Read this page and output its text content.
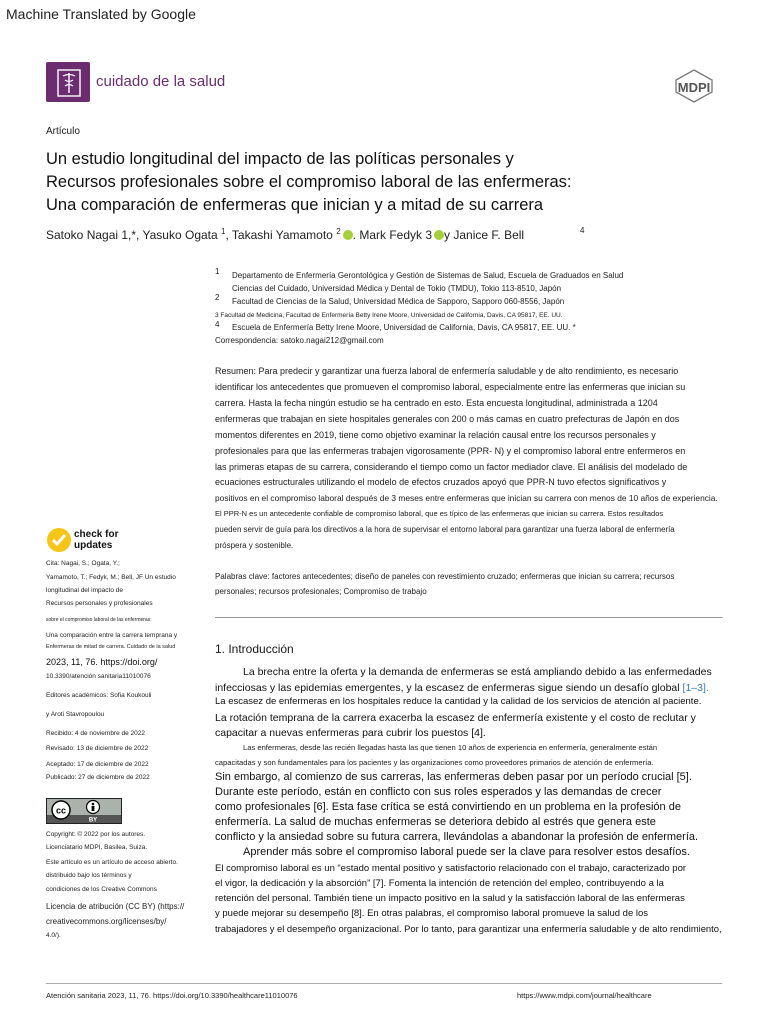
Machine Translated by Google
cuidado de la salud	MDPI
Artículo
Un estudio longitudinal del impacto de las políticas personales y
Recursos profesionales sobre el compromiso laboral de las enfermeras:
Una comparación de enfermeras que inician y a mitad de su carrera
Satoko Nagai 1,*, Yasuko Ogata $^1$, Takashi Yamamoto $^2$ . Mark Fedyk 3 y Janice F. Bell	4
1 Departamento de Enfermería Gerontológica y Gestión de Sistemas de Salud, Escuela de Graduados en Salud
Ciencias del Cuidado, Universidad Médica y Dental de Tokio (TMDU), Tokio 113-8510, Japón
2 Facultad de Ciencias de la Salud, Universidad Médica de Sapporo, Sapporo 060-8556, Japón
3 Facultad de Medicina, Facultad de Enfermería Betty Irene Moore, Universidad de California, Davis, CA 95817, EE. UU.
4 Escuela de Enfermería Betty Irene Moore, Universidad de California, Davis, CA 95817, EE. UU. *
Correspondencia: satoko.nagai212@gmail.com
Resumen: Para predecir y garantizar una fuerza laboral de enfermería saludable y de alto rendimiento, es necesario
identificar los antecedentes que promueven el compromiso laboral, especialmente entre las enfermeras que inician su
carrera. Hasta la fecha ningún estudio se ha centrado en esto. Esta encuesta longitudinal, administrada a 1204
enfermeras que trabajan en siete hospitales generales con 200 o más camas en cuatro prefecturas de Japón en dos
momentos diferentes en 2019, tiene como objetivo examinar la relación causal entre los recursos personales y
profesionales para que las enfermeras trabajen vigorosamente (PPR- N) y el compromiso laboral entre enfermeros en
las primeras etapas de su carrera, considerando el tiempo como un factor mediador clave. El análisis del modelado de
ecuaciones estructurales utilizando el modelo de efectos cruzados apoyó que PPR-N tuvo efectos significativos y
positivos en el compromiso laboral después de 3 meses entre enfermeras que inician su carrera con menos de 10 años de experiencia.
El PPR-N es un antecedente confiable de compromiso laboral, que es típico de las enfermeras que inician su carrera. Estos resultados
pueden servir de guía para los directivos a la hora de supervisar el entorno laboral para garantizar una fuerza laboral de enfermería
próspera y sostenible.
Palabras clave: factores antecedentes; diseño de paneles con revestimiento cruzado; enfermeras que inician su carrera; recursos
personales; recursos profesionales; Compromiso de trabajo
1. Introducción
La brecha entre la oferta y la demanda de enfermeras se está ampliando debido a las enfermedades
infecciosas y las epidemias emergentes, y la escasez de enfermeras sigue siendo un desafío global [1–3].
La escasez de enfermeras en los hospitales reduce la cantidad y la calidad de los servicios de atención al paciente.
La rotación temprana de la carrera exacerba la escasez de enfermería existente y el costo de reclutar y
capacitar a nuevas enfermeras para cubrir los puestos [4].
Las enfermeras, desde las recién llegadas hasta las que tienen 10 años de experiencia en enfermería, generalmente están
capacitadas y son fundamentales para los pacientes y las organizaciones como proveedores primarios de atención de enfermería.
Sin embargo, al comienzo de sus carreras, las enfermeras deben pasar por un período crucial [5].
Durante este período, están en conflicto con sus roles esperados y las demandas de crecer
como profesionales [6]. Esta fase crítica se está convirtiendo en un problema en la profesión de
enfermería. La salud de muchas enfermeras se deteriora debido al estrés que genera este
conflicto y la ansiedad sobre su futura carrera, llevándolas a abandonar la profesión de enfermería.
Aprender más sobre el compromiso laboral puede ser la clave para resolver estos desafíos.
El compromiso laboral es un “estado mental positivo y satisfactorio relacionado con el trabajo, caracterizado por
el vigor, la dedicación y la absorción” [7]. Fomenta la intención de retención del empleo, contribuyendo a la
retención del personal. También tiene un impacto positivo en la salud y la satisfacción laboral de las enfermeras
y puede mejorar su desempeño [8]. En otras palabras, el compromiso laboral promueve la salud de los
trabajadores y el desempeño organizacional. Por lo tanto, para garantizar una enfermería saludable y de alto rendimiento,
check for
updates
Cita: Nagai, S.; Ogata, Y.;
Yamamoto, T.; Fedyk, M.; Bell, JF Un estudio
longitudinal del impacto de
Recursos personales y profesionales
sobre el compromiso laboral de las enfermeras:
Una comparación entre la carrera temprana y
Enfermeras de mitad de carrera. Cuidado de la salud
2023, 11, 76. https://doi.org/
10.3390/atención sanitaria11010076
Editores académicos: Sofia Koukouli
y Aroti Stavropoulou
Recibido: 4 de noviembre de 2022
Revisado: 13 de diciembre de 2022
Aceptado: 17 de diciembre de 2022
Publicado: 27 de diciembre de 2022
cc
BY
Copyright: © 2022 por los autores.
Licenciatario MDPI, Basilea, Suiza.
Este artículo es un artículo de acceso abierto.
distribuido bajo los términos y
condiciones de los Creative Commons
Licencia de atribución (CC BY) (https://
creativecommons.org/licenses/by/
4.0/).
Atención sanitaria 2023, 11, 76. https://doi.org/10.3390/healthcare11010076	https://www.mdpi.com/journal/healthcare
